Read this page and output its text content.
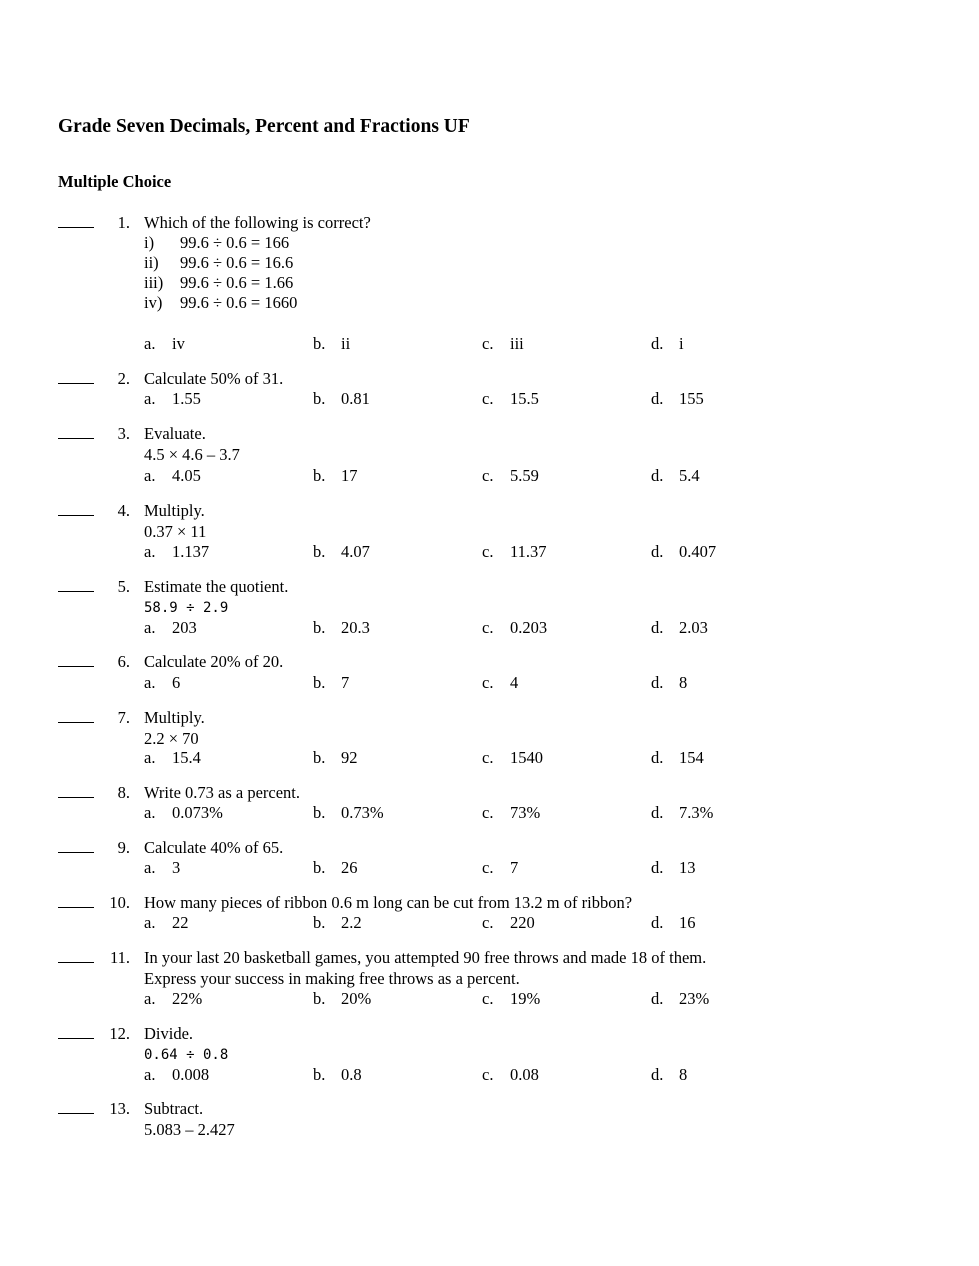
Grade Seven Decimals, Percent and Fractions UF
Multiple Choice
1. Which of the following is correct?
i) 99.6 ÷ 0.6 = 166
ii) 99.6 ÷ 0.6 = 16.6
iii) 99.6 ÷ 0.6 = 1.66
iv) 99.6 ÷ 0.6 = 1660
a. iv	b. ii	c. iii	d. i
2. Calculate 50% of 31.
a. 1.55	b. 0.81	c. 15.5	d. 155
3. Evaluate.
4.5 × 4.6 – 3.7
a. 4.05	b. 17	c. 5.59	d. 5.4
4. Multiply.
0.37 × 11
a. 1.137	b. 4.07	c. 11.37	d. 0.407
5. Estimate the quotient.
58.9 ÷ 2.9
a. 203	b. 20.3	c. 0.203	d. 2.03
6. Calculate 20% of 20.
a. 6	b. 7	c. 4	d. 8
7. Multiply.
2.2 × 70
a. 15.4	b. 92	c. 1540	d. 154
8. Write 0.73 as a percent.
a. 0.073%	b. 0.73%	c. 73%	d. 7.3%
9. Calculate 40% of 65.
a. 3	b. 26	c. 7	d. 13
10. How many pieces of ribbon 0.6 m long can be cut from 13.2 m of ribbon?
a. 22	b. 2.2	c. 220	d. 16
11. In your last 20 basketball games, you attempted 90 free throws and made 18 of them.
Express your success in making free throws as a percent.
a. 22%	b. 20%	c. 19%	d. 23%
12. Divide.
0.64 ÷ 0.8
a. 0.008	b. 0.8	c. 0.08	d. 8
13. Subtract.
5.083 – 2.427
